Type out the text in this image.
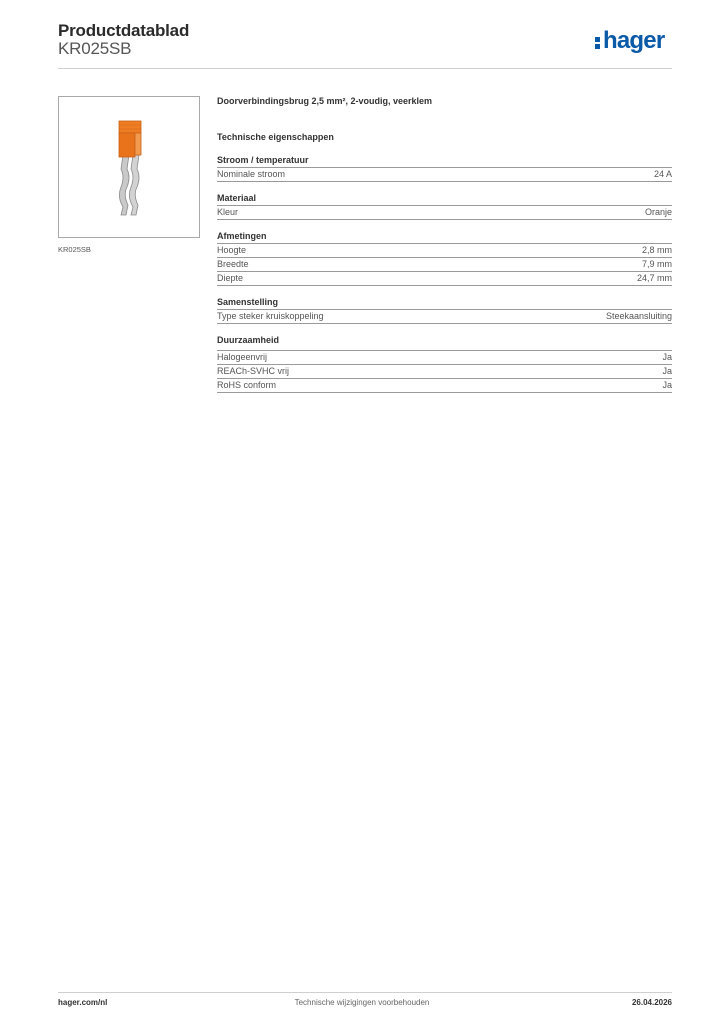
Productdatablad
KR025SB	hager
KR025SB
Doorverbindingsbrug 2,5 mm², 2-voudig, veerklem
Technische eigenschappen
Stroom / temperatuur
Nominale stroom	24 A
Materiaal
Kleur	Oranje
Afmetingen
Hoogte	2,8 mm
Breedte	7,9 mm
Diepte	24,7 mm
Samenstelling
Type steker kruiskoppeling	Steekaansluiting
Duurzaamheid
Halogeenvrij	Ja
REACh-SVHC vrij	Ja
RoHS conform	Ja
hager.com/nl	Technische wijzigingen voorbehouden	26.04.2026
